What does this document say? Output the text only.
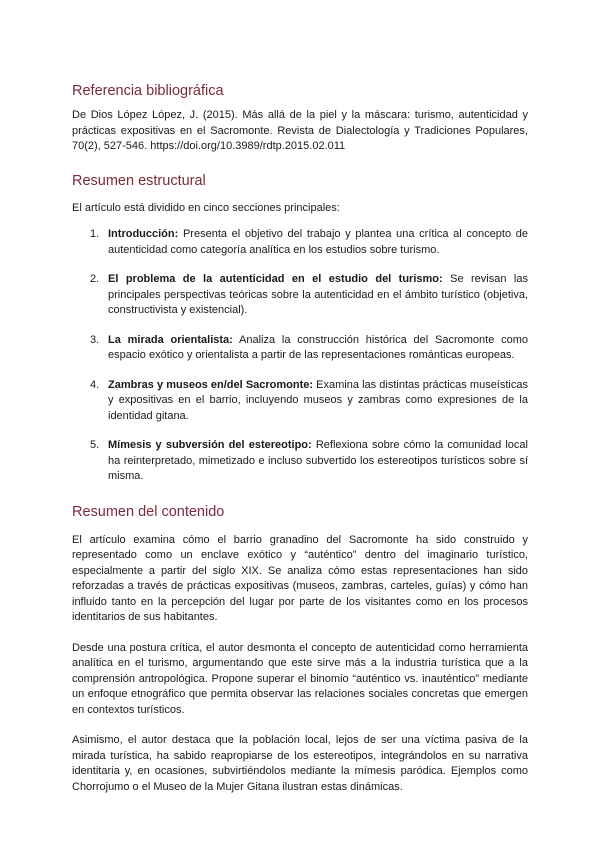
Referencia bibliográfica

De Dios López López, J. (2015). Más allá de la piel y la máscara: turismo, autenticidad y prácticas expositivas en el Sacromonte. Revista de Dialectología y Tradiciones Populares, 70(2), 527-546. https://doi.org/10.3989/rdtp.2015.02.011

Resumen estructural

El artículo está dividido en cinco secciones principales:

1. Introducción: Presenta el objetivo del trabajo y plantea una crítica al concepto de autenticidad como categoría analítica en los estudios sobre turismo.
2. El problema de la autenticidad en el estudio del turismo: Se revisan las principales perspectivas teóricas sobre la autenticidad en el ámbito turístico (objetiva, constructivista y existencial).
3. La mirada orientalista: Analiza la construcción histórica del Sacromonte como espacio exótico y orientalista a partir de las representaciones románticas europeas.
4. Zambras y museos en/del Sacromonte: Examina las distintas prácticas museísticas y expositivas en el barrio, incluyendo museos y zambras como expresiones de la identidad gitana.
5. Mímesis y subversión del estereotipo: Reflexiona sobre cómo la comunidad local ha reinterpretado, mimetizado e incluso subvertido los estereotipos turísticos sobre sí misma.
Resumen del contenido

El artículo examina cómo el barrio granadino del Sacromonte ha sido construido y representado como un enclave exótico y “auténtico” dentro del imaginario turístico, especialmente a partir del siglo XIX. Se analiza cómo estas representaciones han sido reforzadas a través de prácticas expositivas (museos, zambras, carteles, guías) y cómo han influido tanto en la percepción del lugar por parte de los visitantes como en los procesos identitarios de sus habitantes.

Desde una postura crítica, el autor desmonta el concepto de autenticidad como herramienta analítica en el turismo, argumentando que este sirve más a la industria turística que a la comprensión antropológica. Propone superar el binomio “auténtico vs. inauténtico” mediante un enfoque etnográfico que permita observar las relaciones sociales concretas que emergen en contextos turísticos.

Asimismo, el autor destaca que la población local, lejos de ser una víctima pasiva de la mirada turística, ha sabido reapropiarse de los estereotipos, integrándolos en su narrativa identitaria y, en ocasiones, subvirtiéndolos mediante la mímesis paródica. Ejemplos como Chorrojumo o el Museo de la Mujer Gitana ilustran estas dinámicas.
